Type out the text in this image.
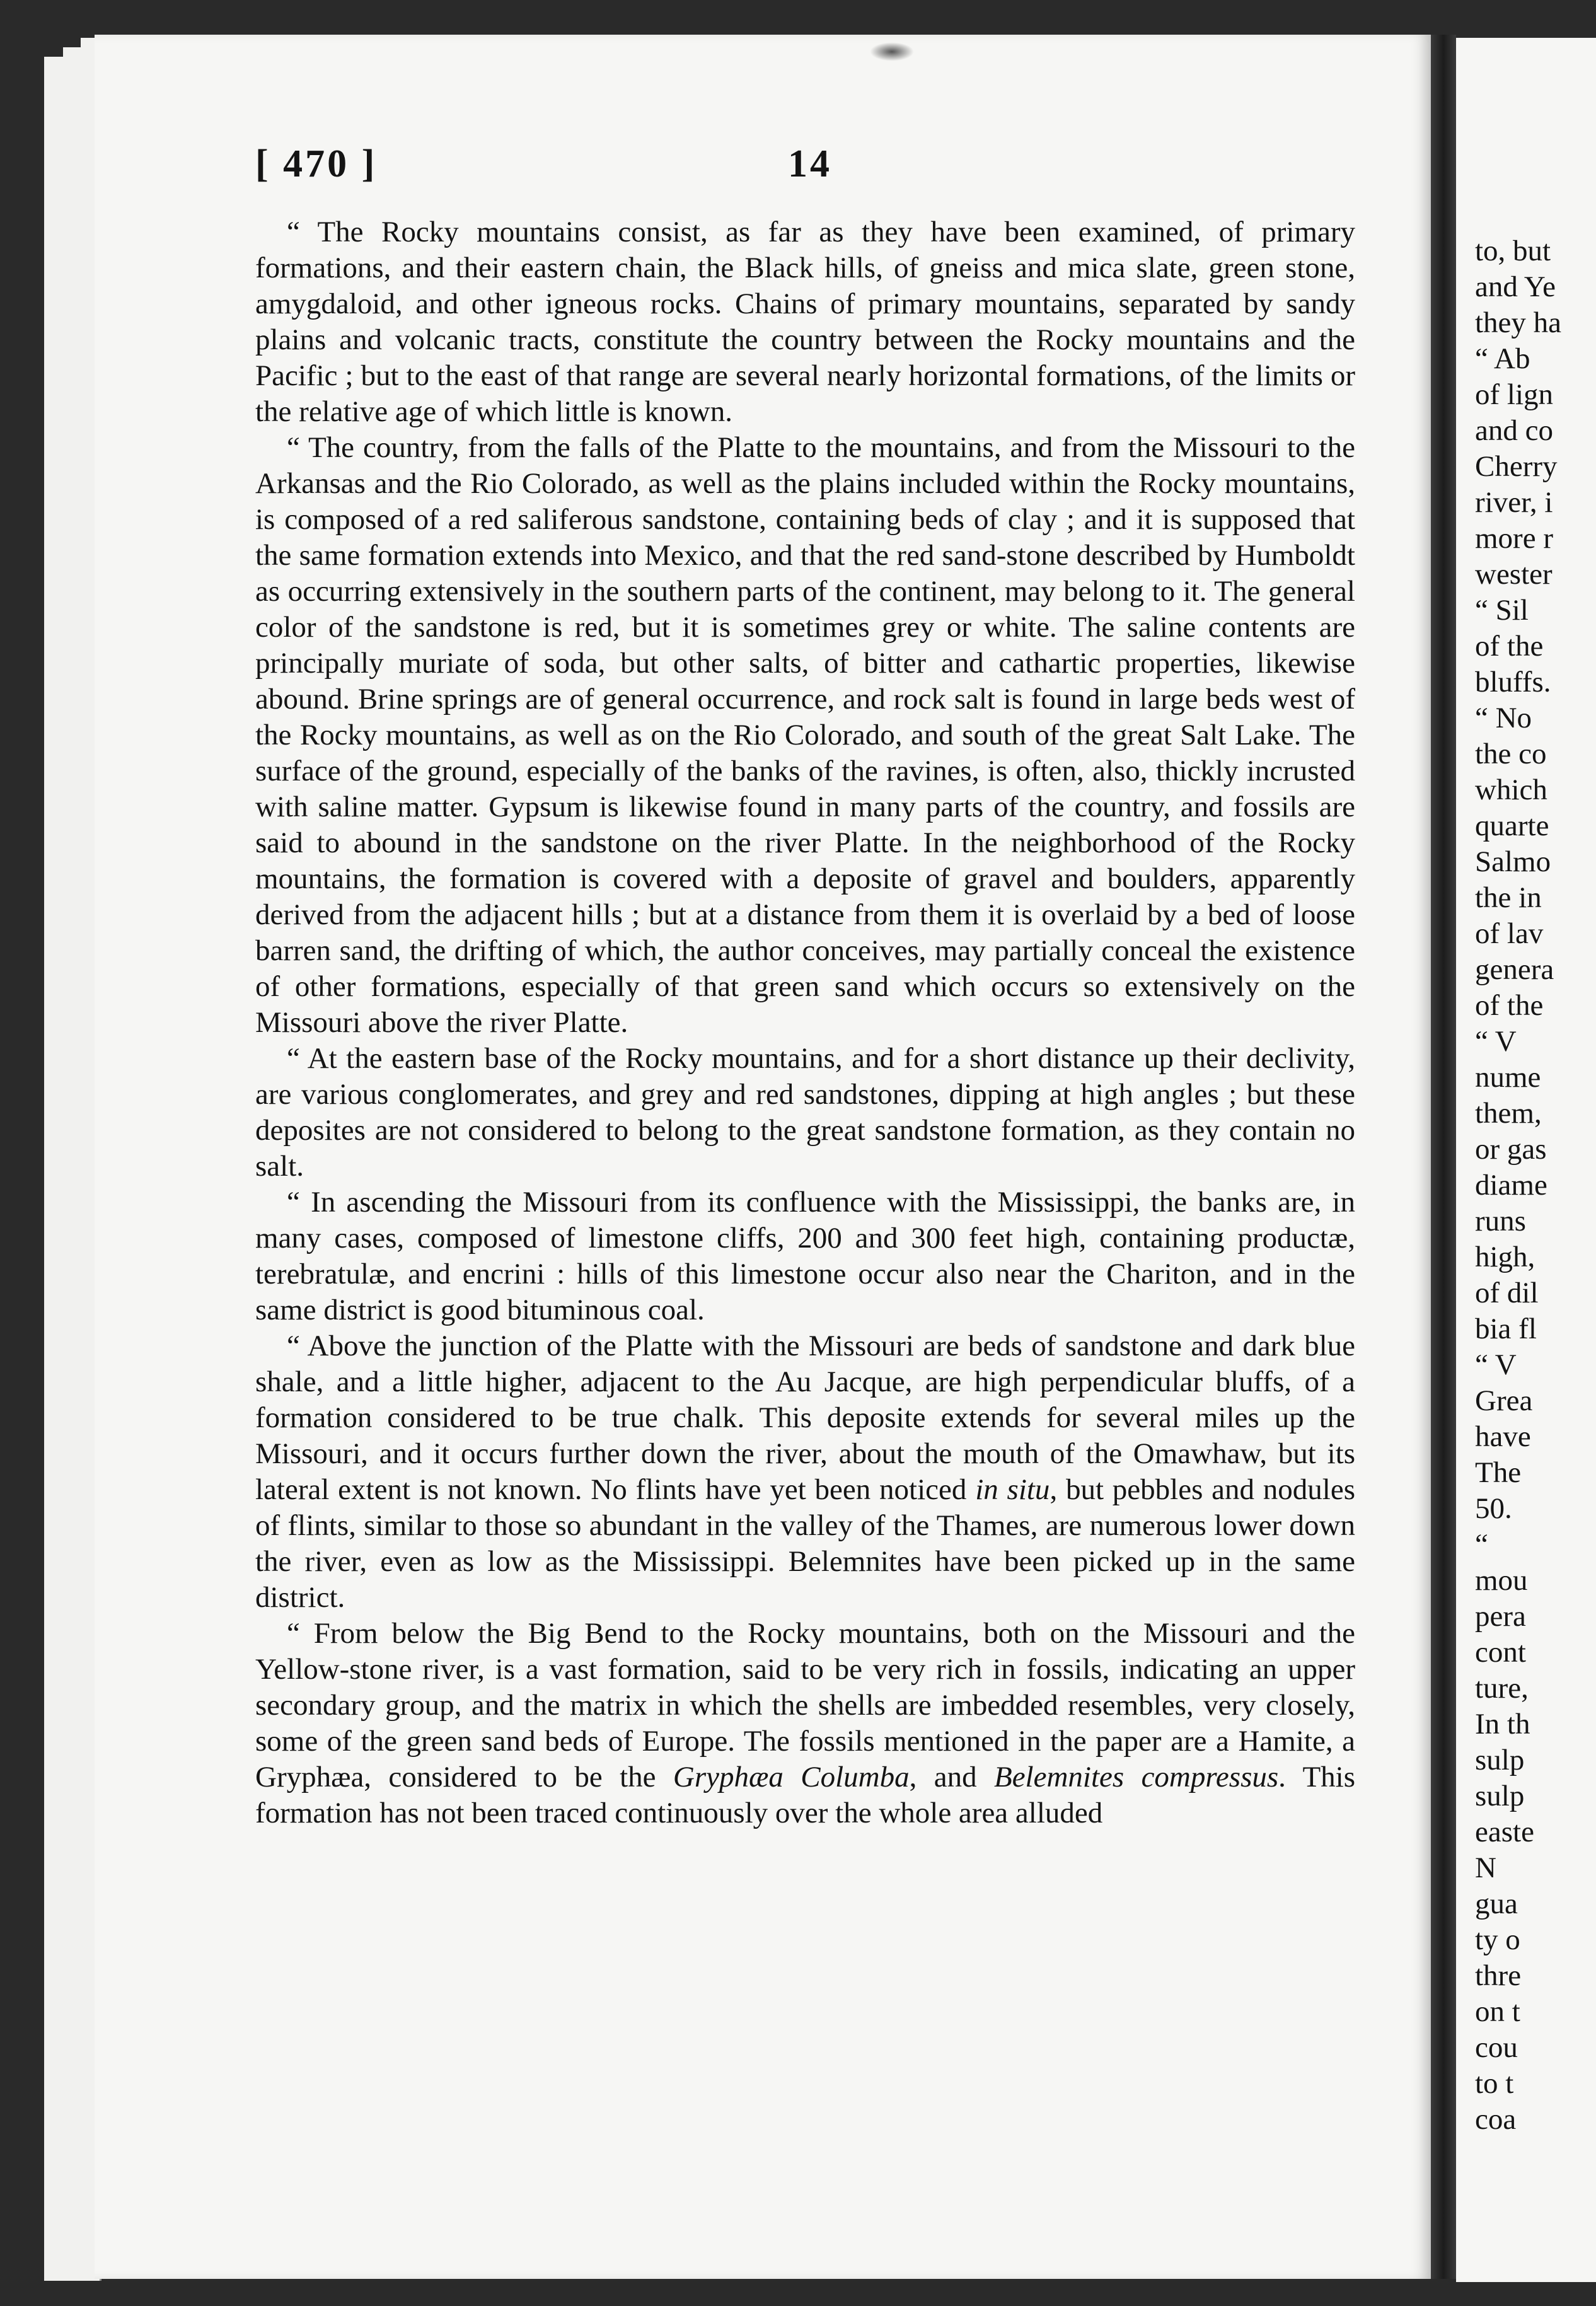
[ 470 ]	14

“ The Rocky mountains consist, as far as they have been examined, of primary formations, and their eastern chain, the Black hills, of gneiss and mica slate, green stone, amygdaloid, and other igneous rocks. Chains of primary mountains, separated by sandy plains and volcanic tracts, constitute the country between the Rocky mountains and the Pacific ; but to the east of that range are several nearly horizontal formations, of the limits or the relative age of which little is known.

“ The country, from the falls of the Platte to the mountains, and from the Missouri to the Arkansas and the Rio Colorado, as well as the plains included within the Rocky mountains, is composed of a red saliferous sandstone, containing beds of clay ; and it is supposed that the same formation extends into Mexico, and that the red sand-stone described by Humboldt as occurring extensively in the southern parts of the continent, may belong to it. The general color of the sandstone is red, but it is sometimes grey or white. The saline contents are principally muriate of soda, but other salts, of bitter and cathartic properties, likewise abound. Brine springs are of general occurrence, and rock salt is found in large beds west of the Rocky mountains, as well as on the Rio Colorado, and south of the great Salt Lake. The surface of the ground, especially of the banks of the ravines, is often, also, thickly incrusted with saline matter. Gypsum is likewise found in many parts of the country, and fossils are said to abound in the sandstone on the river Platte. In the neighborhood of the Rocky mountains, the formation is covered with a deposite of gravel and boulders, apparently derived from the adjacent hills ; but at a distance from them it is overlaid by a bed of loose barren sand, the drifting of which, the author conceives, may partially conceal the existence of other formations, especially of that green sand which occurs so extensively on the Missouri above the river Platte.

“ At the eastern base of the Rocky mountains, and for a short distance up their declivity, are various conglomerates, and grey and red sandstones, dipping at high angles ; but these deposites are not considered to belong to the great sandstone formation, as they contain no salt.

“ In ascending the Missouri from its confluence with the Mississippi, the banks are, in many cases, composed of limestone cliffs, 200 and 300 feet high, containing productæ, terebratulæ, and encrini : hills of this limestone occur also near the Chariton, and in the same district is good bituminous coal.

“ Above the junction of the Platte with the Missouri are beds of sandstone and dark blue shale, and a little higher, adjacent to the Au Jacque, are high perpendicular bluffs, of a formation considered to be true chalk. This deposite extends for several miles up the Missouri, and it occurs further down the river, about the mouth of the Omawhaw, but its lateral extent is not known. No flints have yet been noticed in situ, but pebbles and nodules of flints, similar to those so abundant in the valley of the Thames, are numerous lower down the river, even as low as the Mississippi. Belemnites have been picked up in the same district.

“ From below the Big Bend to the Rocky mountains, both on the Missouri and the Yellow-stone river, is a vast formation, said to be very rich in fossils, indicating an upper secondary group, and the matrix in which the shells are imbedded resembles, very closely, some of the green sand beds of Europe. The fossils mentioned in the paper are a Hamite, a Gryphæa, considered to be the Gryphæa Columba, and Belemnites compressus. This formation has not been traced continuously over the whole area alluded

to, but
and Ye
they ha
“ Ab
of lign
and co
Cherry
river, i
more r
wester
“ Sil
of the
bluffs.
“ No
the co
which
quarte
Salmo
the in
of lav
genera
of the
“ V
nume
them,
or gas
diame
runs
high,
of dil
bia fl
“ V
Grea
have
The
50.
“
mou
pera
cont
ture,
In th
sulp
sulp
easte
N
gua
ty o
thre
on t
cou
to t
coa
